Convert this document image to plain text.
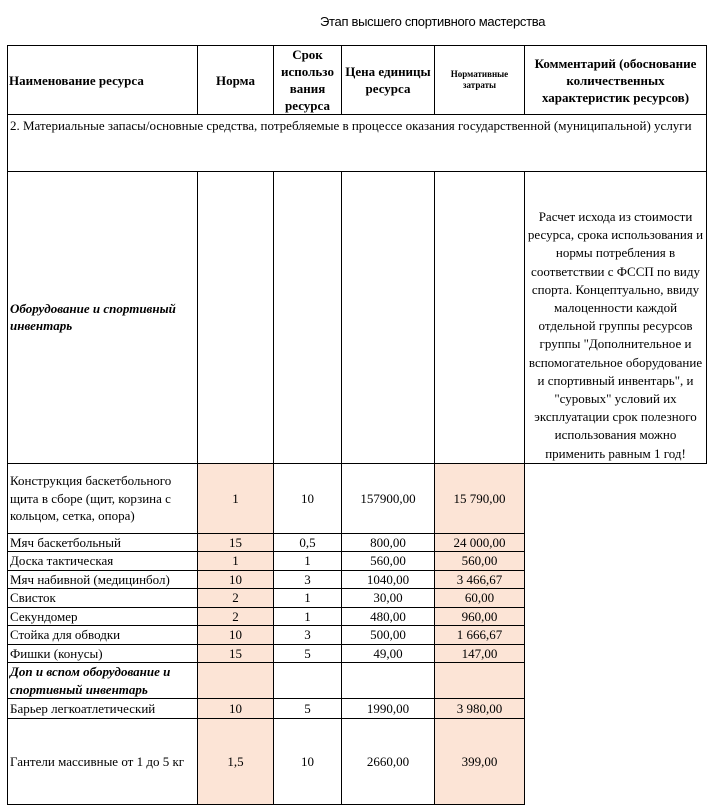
Этап высшего спортивного мастерства
Наименование ресурса	Норма	Срок использо вания ресурса	Цена единицы ресурса	Нормативные затраты	Комментарий (обоснование количественных характеристик ресурсов)
2. Материальные запасы/основные средства, потребляемые в процессе оказания государственной (муниципальной) услуги					
Оборудование и спортивный инвентарь					Расчет исхода из стоимости ресурса, срока использования и нормы потребления в соответствии с ФССП по виду спорта. Концептуально, ввиду малоценности каждой отдельной группы ресурсов группы "Дополнительное и вспомогательное оборудование и спортивный инвентарь", и "суровых" условий их эксплуатации срок полезного использования можно применить равным 1 год!
Конструкция баскетбольного щита в сборе (щит, корзина с кольцом, сетка, опора)	1	10	157900,00	15 790,00	
Мяч баскетбольный	15	0,5	800,00	24 000,00	
Доска тактическая	1	1	560,00	560,00	
Мяч набивной (медицинбол)	10	3	1040,00	3 466,67	
Свисток	2	1	30,00	60,00	
Секундомер	2	1	480,00	960,00	
Стойка для обводки	10	3	500,00	1 666,67	
Фишки (конусы)	15	5	49,00	147,00	
Доп и вспом оборудование и спортивный инвентарь					
Барьер легкоатлетический	10	5	1990,00	3 980,00	
Гантели массивные от 1 до 5 кг	1,5	10	2660,00	399,00	
